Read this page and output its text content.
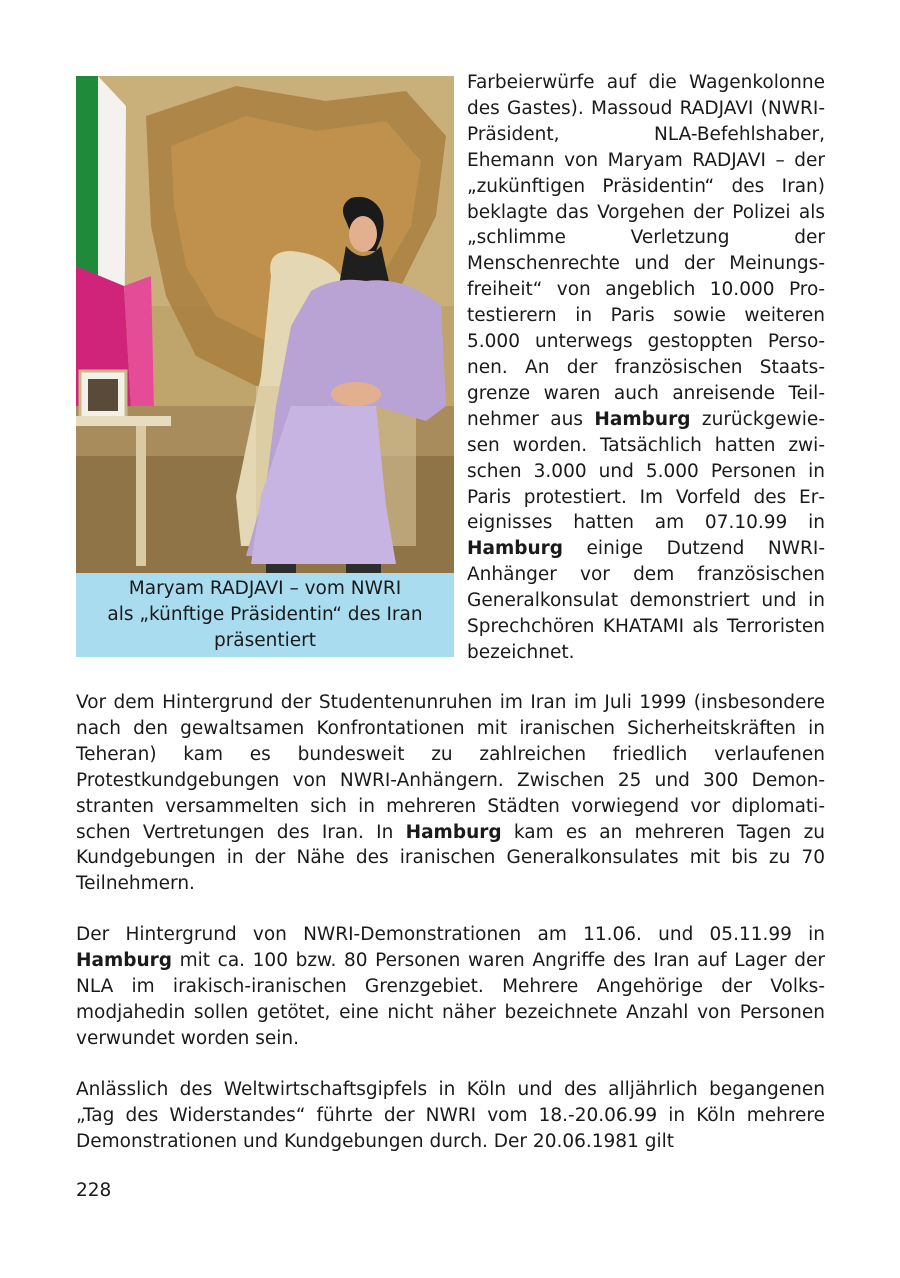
Maryam RADJAVI – vom NWRI
als „künftige Präsidentin“ des Iran
präsentiert

Farbeierwürfe auf die Wagenkolonne des Gastes). Massoud RADJAVI (NWRI-Präsident, NLA-Befehlshaber, Ehemann von Maryam RADJAVI – der „zukünftigen Präsidentin“ des Iran) beklagte das Vorgehen der Polizei als „schlimme Verletzung der Menschenrechte und der Meinungsfreiheit“ von angeblich 10.000 Protestierern in Paris sowie weiteren 5.000 unterwegs gestoppten Personen. An der französischen Staatsgrenze waren auch anreisende Teilnehmer aus Hamburg zurückgewiesen worden. Tatsächlich hatten zwischen 3.000 und 5.000 Personen in Paris protestiert. Im Vorfeld des Ereignisses hatten am 07.10.99 in Hamburg einige Dutzend NWRI-Anhänger vor dem französischen Generalkonsulat demonstriert und in Sprechchören KHATAMI als Terroristen bezeichnet.

Vor dem Hintergrund der Studentenunruhen im Iran im Juli 1999 (insbesondere nach den gewaltsamen Konfrontationen mit iranischen Sicherheitskräften in Teheran) kam es bundesweit zu zahlreichen friedlich verlaufenen Protestkundgebungen von NWRI-Anhängern. Zwischen 25 und 300 Demonstranten versammelten sich in mehreren Städten vorwiegend vor diplomatischen Vertretungen des Iran. In Hamburg kam es an mehreren Tagen zu Kundgebungen in der Nähe des iranischen Generalkonsulates mit bis zu 70 Teilnehmern.

Der Hintergrund von NWRI-Demonstrationen am 11.06. und 05.11.99 in Hamburg mit ca. 100 bzw. 80 Personen waren Angriffe des Iran auf Lager der NLA im irakisch-iranischen Grenzgebiet. Mehrere Angehörige der Volksmodjahedin sollen getötet, eine nicht näher bezeichnete Anzahl von Personen verwundet worden sein.

Anlässlich des Weltwirtschaftsgipfels in Köln und des alljährlich begangenen „Tag des Widerstandes“ führte der NWRI vom 18.-20.06.99 in Köln mehrere Demonstrationen und Kundgebungen durch. Der 20.06.1981 gilt

228
